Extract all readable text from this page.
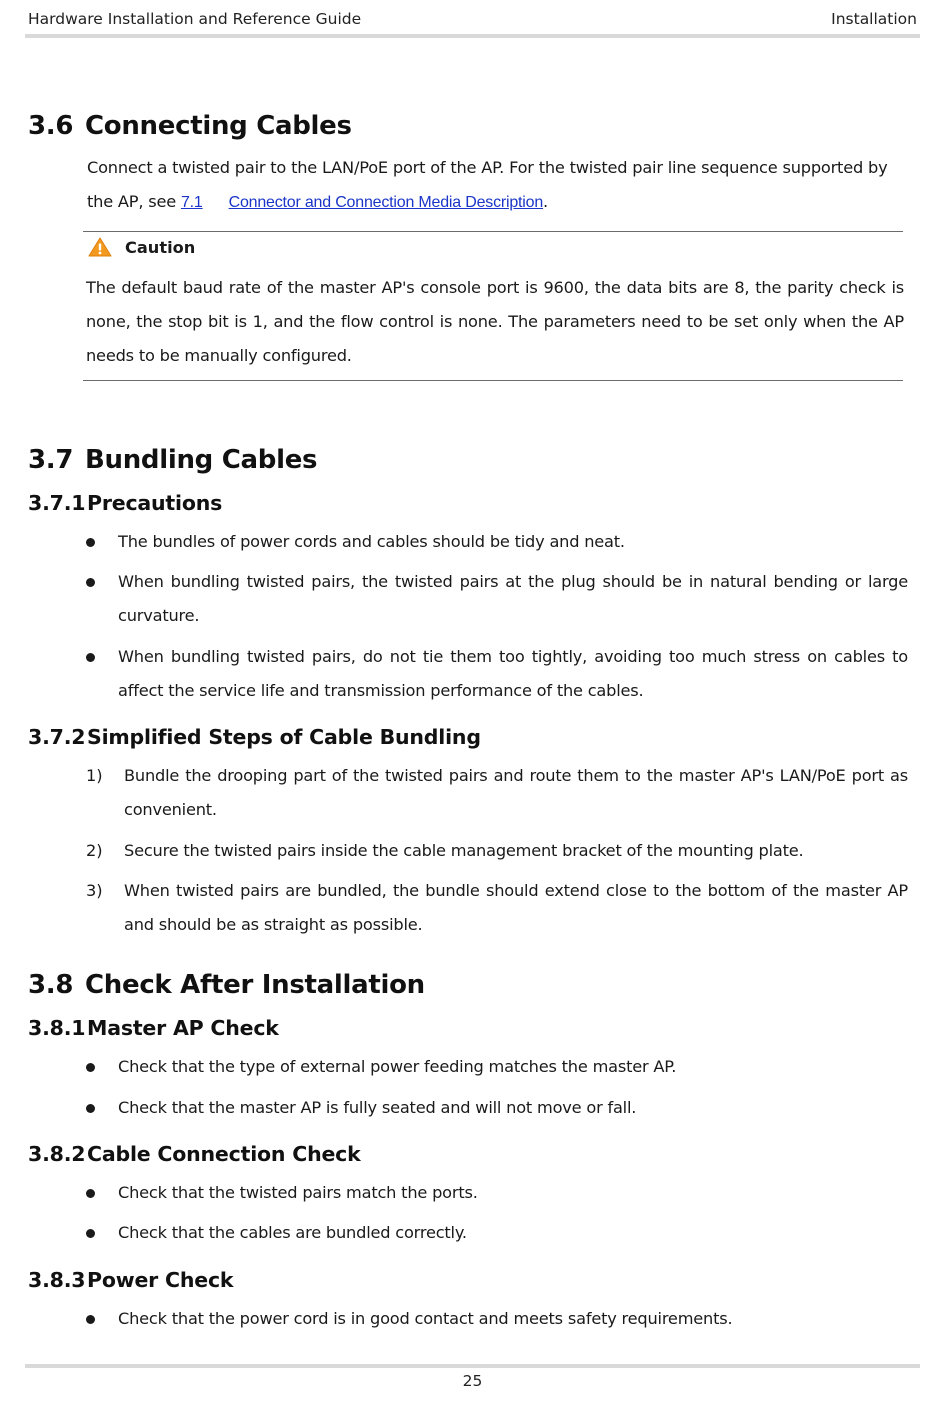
Hardware Installation and Reference Guide	Installation
3.6 Connecting Cables
Connect a twisted pair to the LAN/PoE port of the AP. For the twisted pair line sequence supported by the AP, see 7.1 Connector and Connection Media Description.
Caution
The default baud rate of the master AP's console port is 9600, the data bits are 8, the parity check is none, the stop bit is 1, and the flow control is none. The parameters need to be set only when the AP needs to be manually configured.
3.7 Bundling Cables
3.7.1Precautions
The bundles of power cords and cables should be tidy and neat.
When bundling twisted pairs, the twisted pairs at the plug should be in natural bending or large curvature.
When bundling twisted pairs, do not tie them too tightly, avoiding too much stress on cables to affect the service life and transmission performance of the cables.
3.7.2Simplified Steps of Cable Bundling
1) Bundle the drooping part of the twisted pairs and route them to the master AP's LAN/PoE port as convenient.
2) Secure the twisted pairs inside the cable management bracket of the mounting plate.
3) When twisted pairs are bundled, the bundle should extend close to the bottom of the master AP and should be as straight as possible.
3.8 Check After Installation
3.8.1Master AP Check
Check that the type of external power feeding matches the master AP.
Check that the master AP is fully seated and will not move or fall.
3.8.2Cable Connection Check
Check that the twisted pairs match the ports.
Check that the cables are bundled correctly.
3.8.3Power Check
Check that the power cord is in good contact and meets safety requirements.
25
